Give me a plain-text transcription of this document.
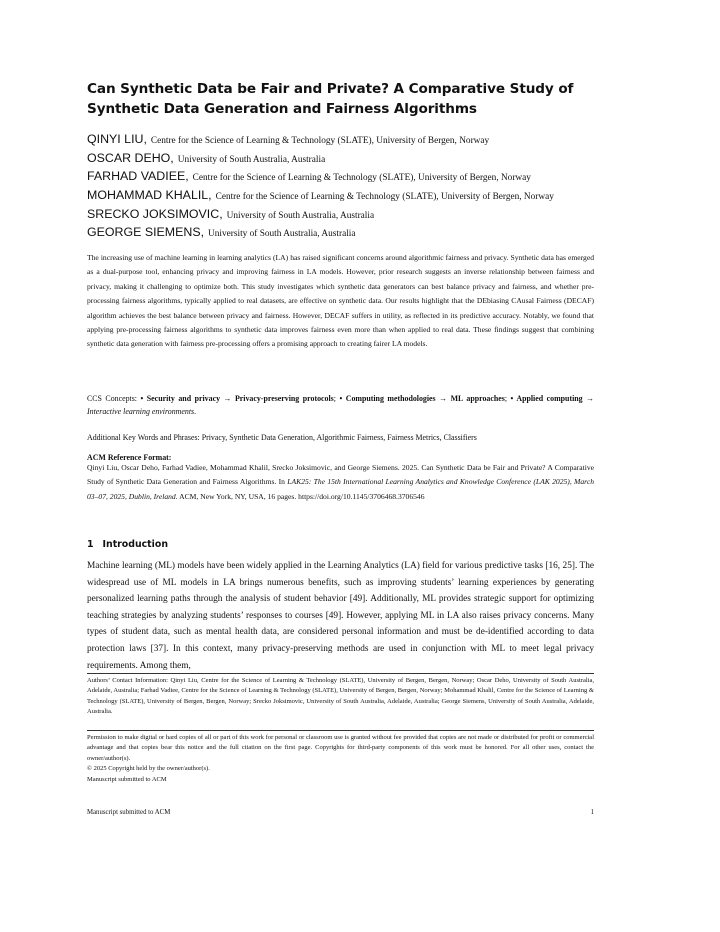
Can Synthetic Data be Fair and Private? A Comparative Study of Synthetic Data Generation and Fairness Algorithms
QINYI LIU, Centre for the Science of Learning & Technology (SLATE), University of Bergen, Norway
OSCAR DEHO, University of South Australia, Australia
FARHAD VADIEE, Centre for the Science of Learning & Technology (SLATE), University of Bergen, Norway
MOHAMMAD KHALIL, Centre for the Science of Learning & Technology (SLATE), University of Bergen, Norway
SRECKO JOKSIMOVIC, University of South Australia, Australia
GEORGE SIEMENS, University of South Australia, Australia

The increasing use of machine learning in learning analytics (LA) has raised significant concerns around algorithmic fairness and privacy. Synthetic data has emerged as a dual-purpose tool, enhancing privacy and improving fairness in LA models. However, prior research suggests an inverse relationship between fairness and privacy, making it challenging to optimize both. This study investigates which synthetic data generators can best balance privacy and fairness, and whether pre-processing fairness algorithms, typically applied to real datasets, are effective on synthetic data. Our results highlight that the DEbiasing CAusal Fairness (DECAF) algorithm achieves the best balance between privacy and fairness. However, DECAF suffers in utility, as reflected in its predictive accuracy. Notably, we found that applying pre-processing fairness algorithms to synthetic data improves fairness even more than when applied to real data. These findings suggest that combining synthetic data generation with fairness pre-processing offers a promising approach to creating fairer LA models.

CCS Concepts: • Security and privacy → Privacy-preserving protocols; • Computing methodologies → ML approaches; • Applied computing → Interactive learning environments.

Additional Key Words and Phrases: Privacy, Synthetic Data Generation, Algorithmic Fairness, Fairness Metrics, Classifiers

ACM Reference Format:

Qinyi Liu, Oscar Deho, Farhad Vadiee, Mohammad Khalil, Srecko Joksimovic, and George Siemens. 2025. Can Synthetic Data be Fair and Private? A Comparative Study of Synthetic Data Generation and Fairness Algorithms. In LAK25: The 15th International Learning Analytics and Knowledge Conference (LAK 2025), March 03–07, 2025, Dublin, Ireland. ACM, New York, NY, USA, 16 pages. https://doi.org/10.1145/3706468.3706546

1 Introduction

Machine learning (ML) models have been widely applied in the Learning Analytics (LA) field for various predictive tasks [16, 25]. The widespread use of ML models in LA brings numerous benefits, such as improving students’ learning experiences by generating personalized learning paths through the analysis of student behavior [49]. Additionally, ML provides strategic support for optimizing teaching strategies by analyzing students’ responses to courses [49]. However, applying ML in LA also raises privacy concerns. Many types of student data, such as mental health data, are considered personal information and must be de-identified according to data protection laws [37]. In this context, many privacy-preserving methods are used in conjunction with ML to meet legal privacy requirements. Among them,

Authors’ Contact Information: Qinyi Liu, Centre for the Science of Learning & Technology (SLATE), University of Bergen, Bergen, Norway; Oscar Deho, University of South Australia, Adelaide, Australia; Farhad Vadiee, Centre for the Science of Learning & Technology (SLATE), University of Bergen, Bergen, Norway; Mohammad Khalil, Centre for the Science of Learning & Technology (SLATE), University of Bergen, Bergen, Norway; Srecko Joksimovic, University of South Australia, Adelaide, Australia; George Siemens, University of South Australia, Adelaide, Australia.

Permission to make digital or hard copies of all or part of this work for personal or classroom use is granted without fee provided that copies are not made or distributed for profit or commercial advantage and that copies bear this notice and the full citation on the first page. Copyrights for third-party components of this work must be honored. For all other uses, contact the owner/author(s).
© 2025 Copyright held by the owner/author(s).
Manuscript submitted to ACM
Manuscript submitted to ACM	1
